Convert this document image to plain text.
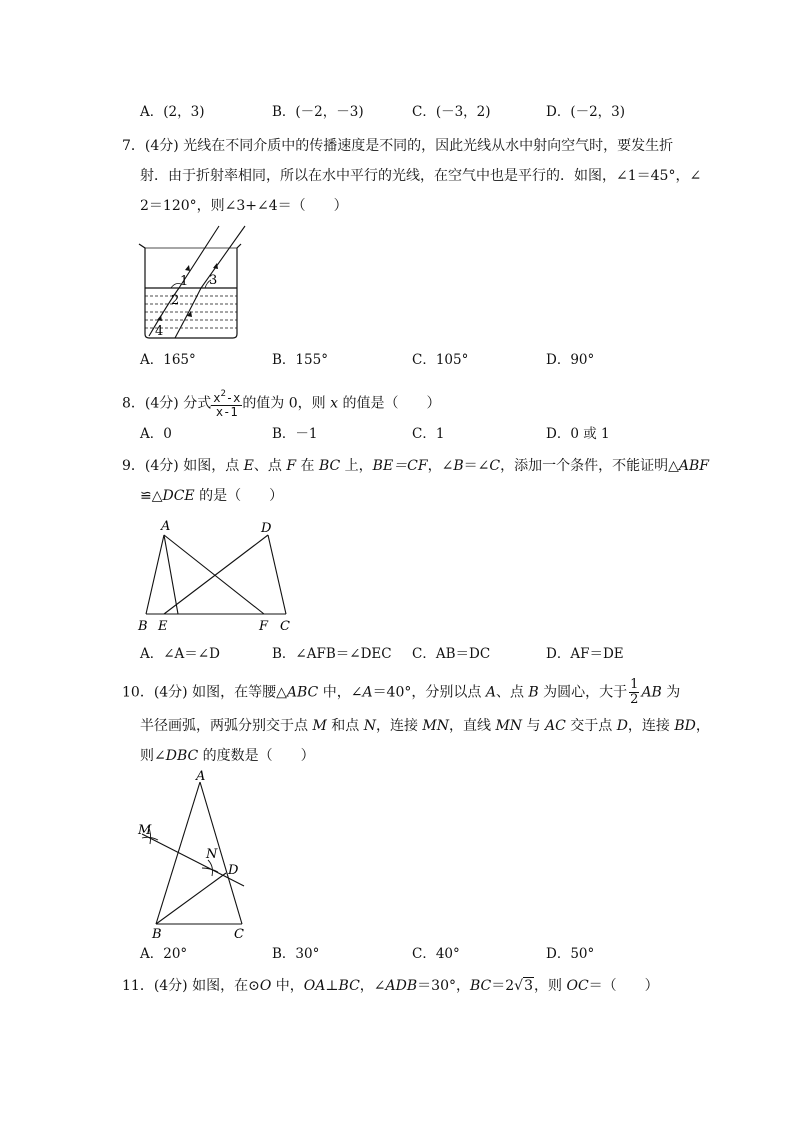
A．(2，3)	B．(－2，－3)	C．(－3，2)	D．(－2，3)
7．(4分) 光线在不同介质中的传播速度是不同的，因此光线从水中射向空气时，要发生折
射．由于折射率相同，所以在水中平行的光线，在空气中也是平行的．如图，∠1＝45°，∠
2＝120°，则∠3+∠4＝（　　）
1
2
3
4
A．165°	B．155°	C．105°	D．90°
8．(4分) 分式 $\frac{x^2-x}{x-1}$ 的值为 0，则 x 的值是（　　）
A．0	B．－1	C．1	D．0 或 1
9．(4分) 如图，点 E、点 F 在 BC 上，BE＝CF，∠B＝∠C，添加一个条件，不能证明△ABF
≌△DCE 的是（　　）
A	D
B E	F C
A．∠A＝∠D	B．∠AFB＝∠DEC C．AB＝DC	D．AF＝DE
10．(4分) 如图，在等腰△ABC 中，∠A＝40°，分别以点 A、点 B 为圆心，大于 $\frac{1}{2}$ AB 为
半径画弧，两弧分别交于点 M 和点 N，连接 MN，直线 MN 与 AC 交于点 D，连接 BD，
则∠DBC 的度数是（　　）
A
M
N
D
B	C
A．20°	B．30°	C．40°	D．50°
11．(4分) 如图，在⊙O 中，OA⊥BC，∠ADB＝30°，BC＝2√3，则 OC＝（　　）
